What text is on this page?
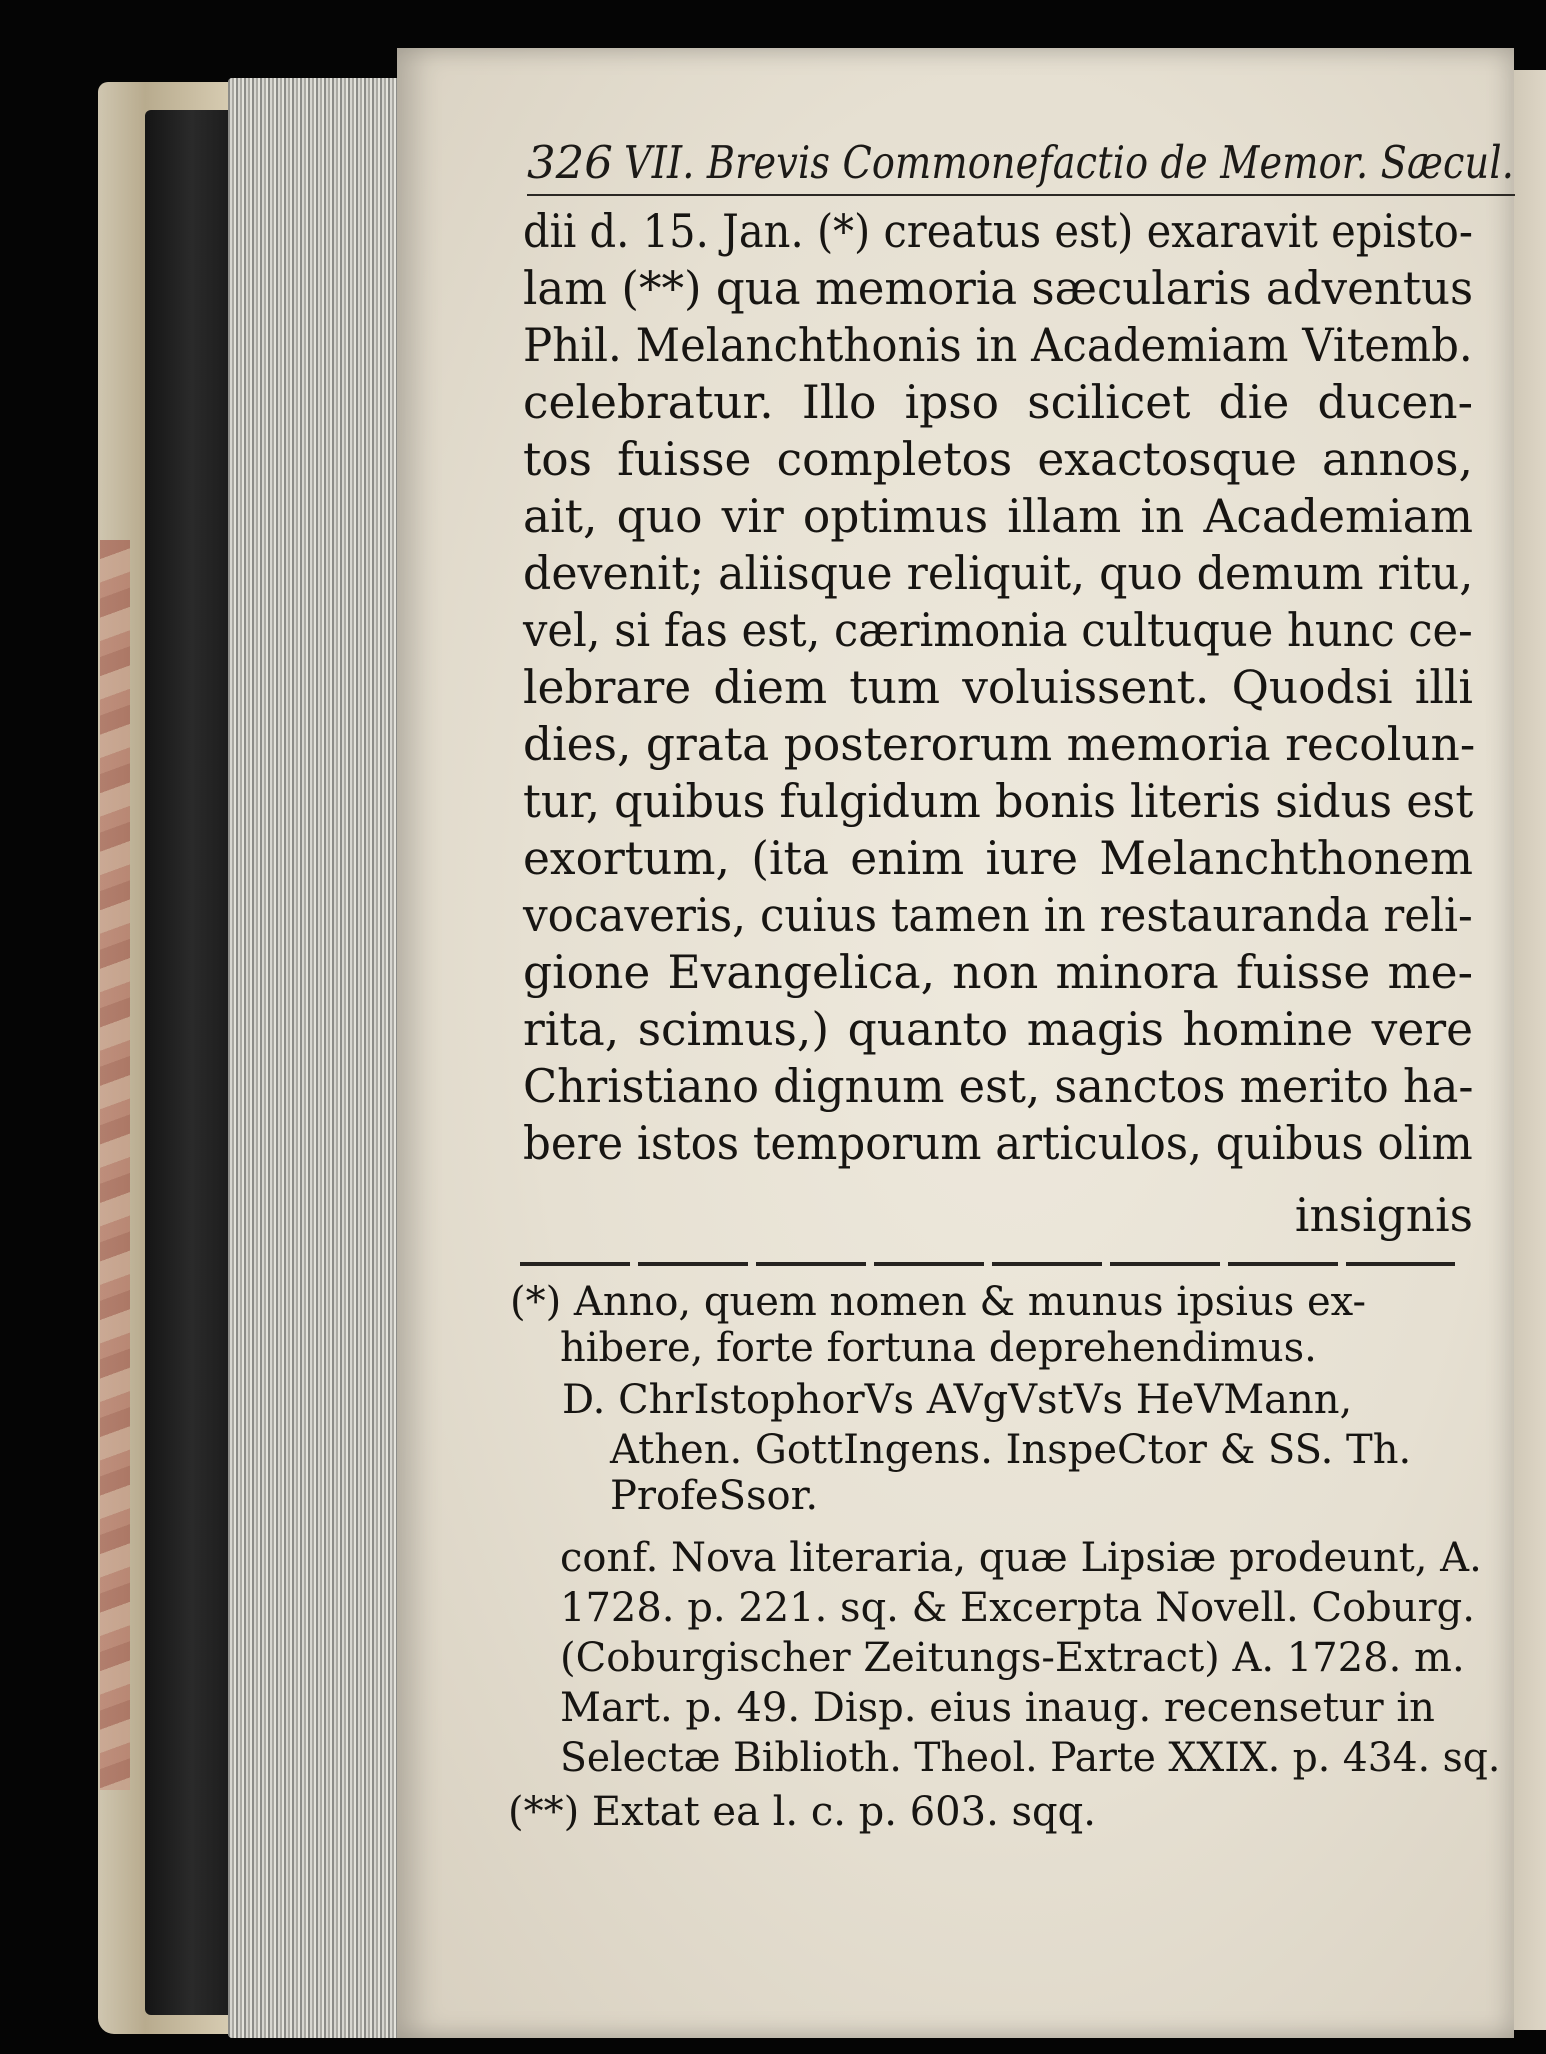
326 VII. Brevis Commonefactio de Memor. Sæcul.
dii d. 15. Jan. (*) creatus est) exaravit episto-
lam (**) qua memoria sæcularis adventus
Phil. Melanchthonis in Academiam Vitemb.
celebratur. Illo ipso scilicet die ducen-
tos fuisse completos exactosque annos,
ait, quo vir optimus illam in Academiam
devenit; aliisque reliquit, quo demum ritu,
vel, si fas est, cærimonia cultuque hunc ce-
lebrare diem tum voluissent. Quodsi illi
dies, grata posterorum memoria recolun-
tur, quibus fulgidum bonis literis sidus est
exortum, (ita enim iure Melanchthonem
vocaveris, cuius tamen in restauranda reli-
gione Evangelica, non minora fuisse me-
rita, scimus,) quanto magis homine vere
Christiano dignum est, sanctos merito ha-
bere istos temporum articulos, quibus olim
insignis
(*) Anno, quem nomen & munus ipsius ex-
hibere, forte fortuna deprehendimus.
D. ChrIstophorVs AVgVstVs HeVMann,
Athen. GottIngens. InspeCtor & SS. Th.
ProfeSsor.
conf. Nova literaria, quæ Lipsiæ prodeunt, A.
1728. p. 221. sq. & Excerpta Novell. Coburg.
(Coburgischer Zeitungs-Extract) A. 1728. m.
Mart. p. 49. Disp. eius inaug. recensetur in
Selectæ Biblioth. Theol. Parte XXIX. p. 434. sq.
(**) Extat ea l. c. p. 603. sqq.
